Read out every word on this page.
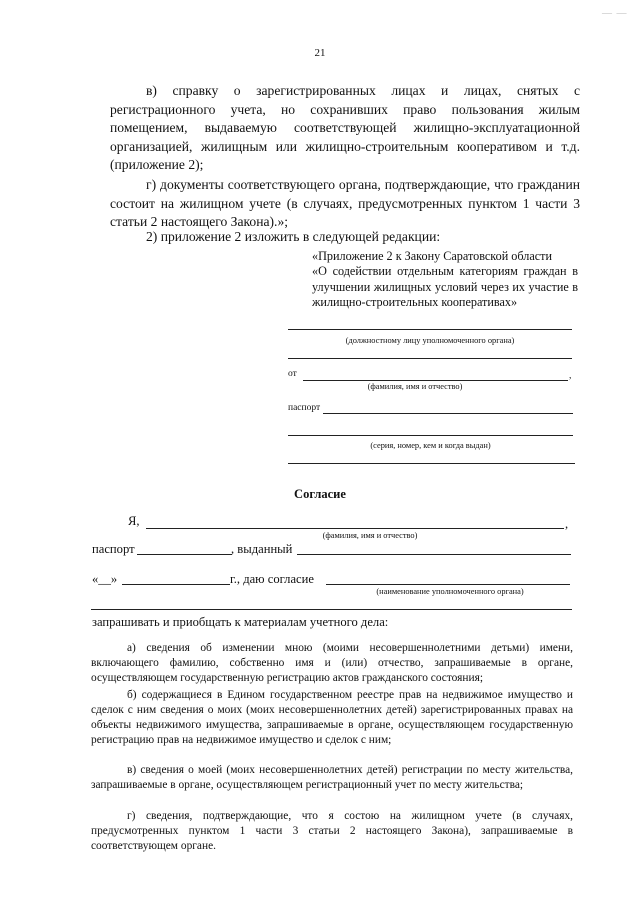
— —
21
в) справку о зарегистрированных лицах и лицах, снятых с регистрационного учета, но сохранивших право пользования жилым помещением, выдаваемую соответствующей жилищно-эксплуатационной организацией, жилищным или жилищно-строительным кооперативом и т.д. (приложение 2);
г) документы соответствующего органа, подтверждающие, что гражданин состоит на жилищном учете (в случаях, предусмотренных пунктом 1 части 3 статьи 2 настоящего Закона).»;
2) приложение 2 изложить в следующей редакции:
«Приложение 2 к Закону Саратовской области
«О содействии отдельным категориям граждан в улучшении жилищных условий через их участие в жилищно-строительных кооперативах»
(должностному лицу уполномоченного органа)
от	,
(фамилия, имя и отчество)
паспорт
(серия, номер, кем и когда выдан)
Согласие
Я,	,
(фамилия, имя и отчество)
паспорт	, выданный
«__»	г., даю согласие
(наименование уполномоченного органа)
запрашивать и приобщать к материалам учетного дела:
а) сведения об изменении мною (моими несовершеннолетними детьми) имени, включающего фамилию, собственно имя и (или) отчество, запрашиваемые в органе, осуществляющем государственную регистрацию актов гражданского состояния;
б) содержащиеся в Едином государственном реестре прав на недвижимое имущество и сделок с ним сведения о моих (моих несовершеннолетних детей) зарегистрированных правах на объекты недвижимого имущества, запрашиваемые в органе, осуществляющем государственную регистрацию прав на недвижимое имущество и сделок с ним;
в) сведения о моей (моих несовершеннолетних детей) регистрации по месту жительства, запрашиваемые в органе, осуществляющем регистрационный учет по месту жительства;
г) сведения, подтверждающие, что я состою на жилищном учете (в случаях, предусмотренных пунктом 1 части 3 статьи 2 настоящего Закона), запрашиваемые в соответствующем органе.
